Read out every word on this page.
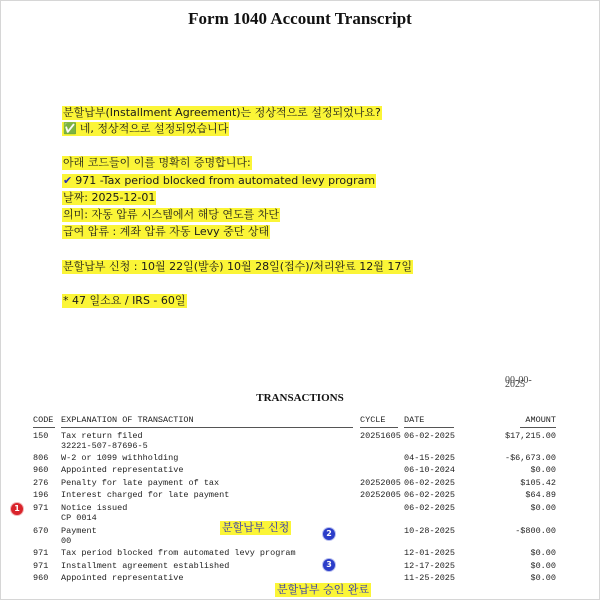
Form 1040 Account Transcript
분할납부(Installment Agreement)는 정상적으로 설정되었나요?
✅ 네, 정상적으로 설정되었습니다
아래 코드들이 이를 명확히 증명합니다:
✔ 971 -Tax period blocked from automated levy program
날짜: 2025-12-01
의미: 자동 압류 시스템에서 해당 연도를 차단
급여 압류 : 계좌 압류 자동 Levy 중단 상태
분할납부 신청 : 10월 22일(발송) 10월 28일(접수)/처리완료 12월 17일
* 47 일소요 / IRS - 60일
00-00-2025
TRANSACTIONS
CODE EXPLANATION OF TRANSACTION	CYCLE DATE	AMOUNT
150 Tax return filed	20251605 06-02-2025	$17,215.00
32221-507-87696-5
806 W-2 or 1099 withholding	04-15-2025	-$6,673.00
960 Appointed representative	06-10-2024	$0.00
276 Penalty for late payment of tax	20252005 06-02-2025	$105.42
196 Interest charged for late payment	20252005 06-02-2025	$64.89
971 Notice issued	06-02-2025	$0.00
CP 0014
670 Payment	10-28-2025	-$800.00
00
971 Tax period blocked from automated levy program	12-01-2025	$0.00
971 Installment agreement established	12-17-2025	$0.00
960 Appointed representative	11-25-2025	$0.00
1
분할납부 신청	2
3
분할납부 승인 완료
